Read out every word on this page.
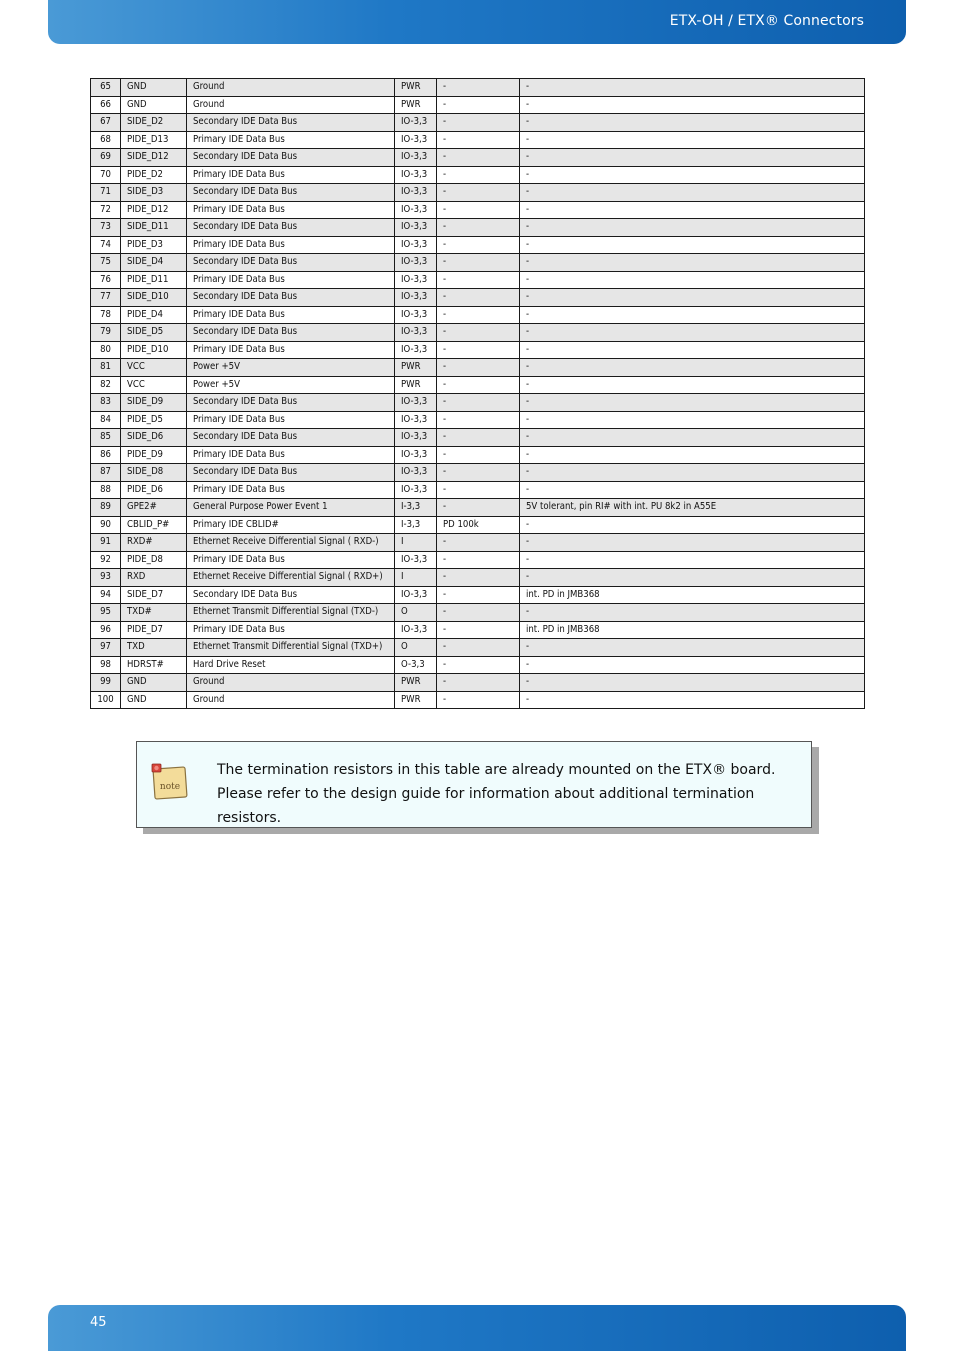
ETX-OH / ETX® Connectors
65	GND	Ground	PWR	-	-
66	GND	Ground	PWR	-	-
67	SIDE_D2	Secondary IDE Data Bus	IO-3,3	-	-
68	PIDE_D13	Primary IDE Data Bus	IO-3,3	-	-
69	SIDE_D12	Secondary IDE Data Bus	IO-3,3	-	-
70	PIDE_D2	Primary IDE Data Bus	IO-3,3	-	-
71	SIDE_D3	Secondary IDE Data Bus	IO-3,3	-	-
72	PIDE_D12	Primary IDE Data Bus	IO-3,3	-	-
73	SIDE_D11	Secondary IDE Data Bus	IO-3,3	-	-
74	PIDE_D3	Primary IDE Data Bus	IO-3,3	-	-
75	SIDE_D4	Secondary IDE Data Bus	IO-3,3	-	-
76	PIDE_D11	Primary IDE Data Bus	IO-3,3	-	-
77	SIDE_D10	Secondary IDE Data Bus	IO-3,3	-	-
78	PIDE_D4	Primary IDE Data Bus	IO-3,3	-	-
79	SIDE_D5	Secondary IDE Data Bus	IO-3,3	-	-
80	PIDE_D10	Primary IDE Data Bus	IO-3,3	-	-
81	VCC	Power +5V	PWR	-	-
82	VCC	Power +5V	PWR	-	-
83	SIDE_D9	Secondary IDE Data Bus	IO-3,3	-	-
84	PIDE_D5	Primary IDE Data Bus	IO-3,3	-	-
85	SIDE_D6	Secondary IDE Data Bus	IO-3,3	-	-
86	PIDE_D9	Primary IDE Data Bus	IO-3,3	-	-
87	SIDE_D8	Secondary IDE Data Bus	IO-3,3	-	-
88	PIDE_D6	Primary IDE Data Bus	IO-3,3	-	-
89	GPE2#	General Purpose Power Event 1	I-3,3	-	5V tolerant, pin RI# with int. PU 8k2 in A55E
90	CBLID_P#	Primary IDE CBLID#	I-3,3	PD 100k	-
91	RXD#	Ethernet Receive Differential Signal ( RXD-)	I	-	-
92	PIDE_D8	Primary IDE Data Bus	IO-3,3	-	-
93	RXD	Ethernet Receive Differential Signal ( RXD+)	I	-	-
94	SIDE_D7	Secondary IDE Data Bus	IO-3,3	-	int. PD in JMB368
95	TXD#	Ethernet Transmit Differential Signal (TXD-)	O	-	-
96	PIDE_D7	Primary IDE Data Bus	IO-3,3	-	int. PD in JMB368
97	TXD	Ethernet Transmit Differential Signal (TXD+)	O	-	-
98	HDRST#	Hard Drive Reset	O-3,3	-	-
99	GND	Ground	PWR	-	-
100	GND	Ground	PWR	-	-
note
The termination resistors in this table are already mounted on the ETX® board. Please refer to the design guide for information about additional termination resistors.
45
